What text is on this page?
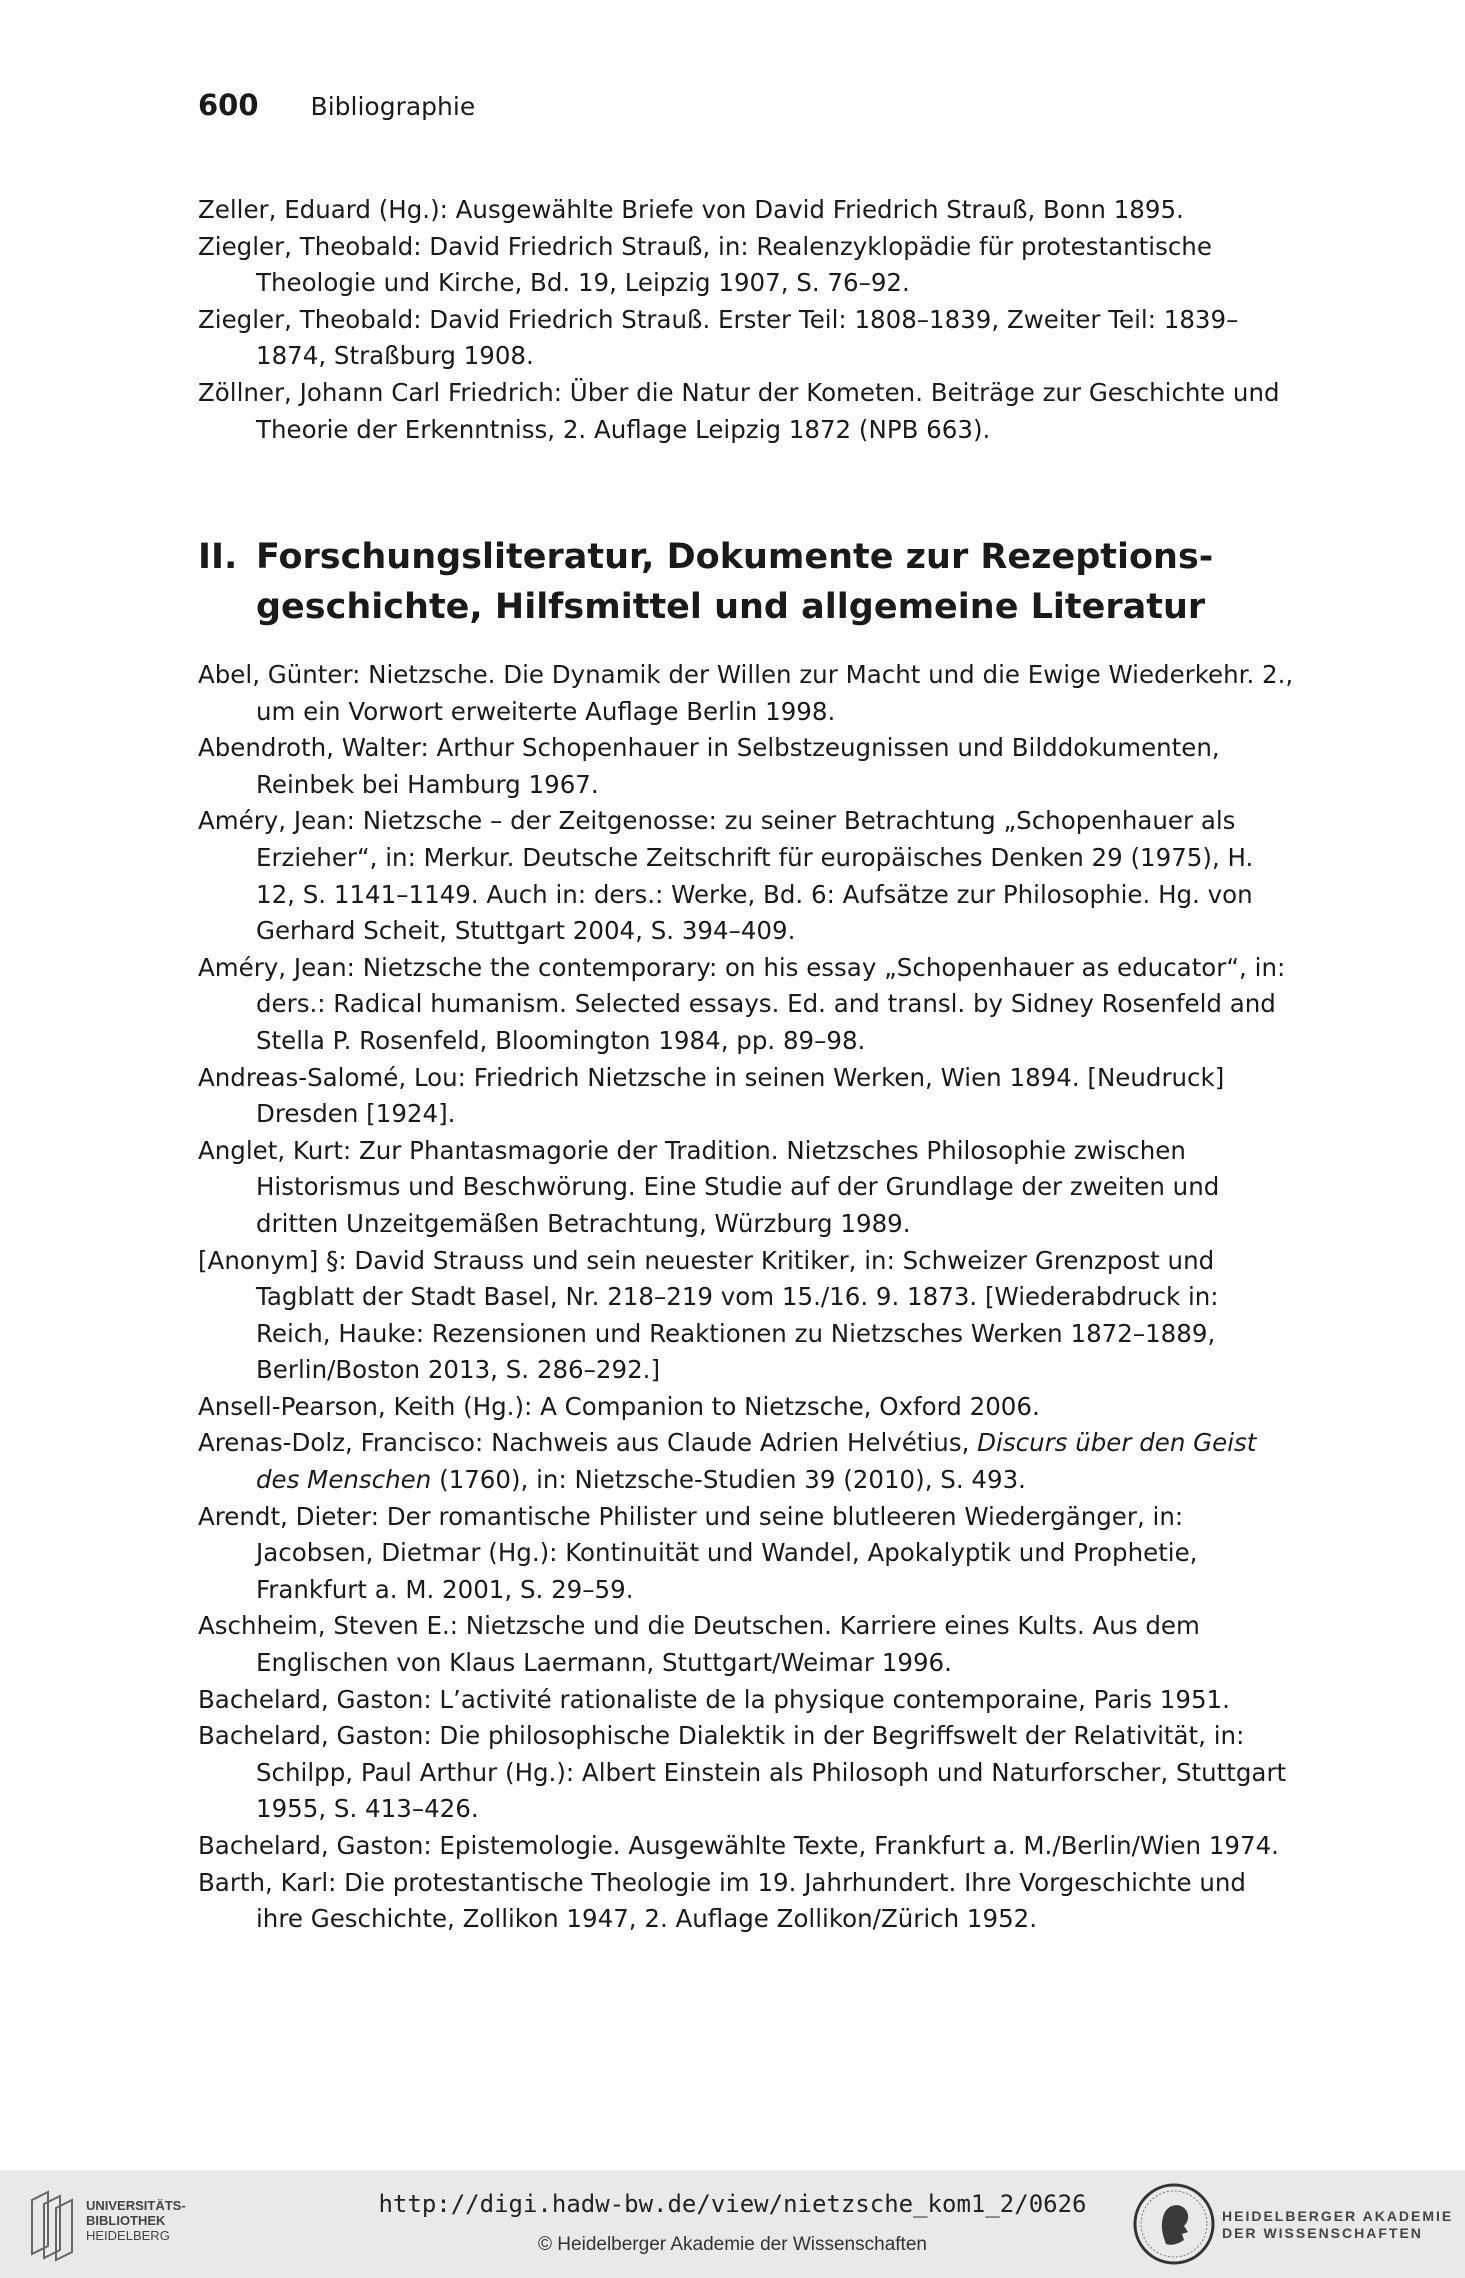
600 Bibliographie

Zeller, Eduard (Hg.): Ausgewählte Briefe von David Friedrich Strauß, Bonn 1895.

Ziegler, Theobald: David Friedrich Strauß, in: Realenzyklopädie für protestantische Theologie und Kirche, Bd. 19, Leipzig 1907, S. 76–92.

Ziegler, Theobald: David Friedrich Strauß. Erster Teil: 1808–1839, Zweiter Teil: 1839–1874, Straßburg 1908.

Zöllner, Johann Carl Friedrich: Über die Natur der Kometen. Beiträge zur Geschichte und Theorie der Erkenntniss, 2. Auflage Leipzig 1872 (NPB 663).

II. Forschungsliteratur, Dokumente zur Rezeptions-
geschichte, Hilfsmittel und allgemeine Literatur

Abel, Günter: Nietzsche. Die Dynamik der Willen zur Macht und die Ewige Wiederkehr. 2., um ein Vorwort erweiterte Auflage Berlin 1998.

Abendroth, Walter: Arthur Schopenhauer in Selbstzeugnissen und Bilddokumenten, Reinbek bei Hamburg 1967.

Améry, Jean: Nietzsche – der Zeitgenosse: zu seiner Betrachtung „Schopenhauer als Erzieher“, in: Merkur. Deutsche Zeitschrift für europäisches Denken 29 (1975), H. 12, S. 1141–1149. Auch in: ders.: Werke, Bd. 6: Aufsätze zur Philosophie. Hg. von Gerhard Scheit, Stuttgart 2004, S. 394–409.

Améry, Jean: Nietzsche the contemporary: on his essay „Schopenhauer as educator“, in: ders.: Radical humanism. Selected essays. Ed. and transl. by Sidney Rosenfeld and Stella P. Rosenfeld, Bloomington 1984, pp. 89–98.

Andreas-Salomé, Lou: Friedrich Nietzsche in seinen Werken, Wien 1894. [Neudruck] Dresden [1924].

Anglet, Kurt: Zur Phantasmagorie der Tradition. Nietzsches Philosophie zwischen Historismus und Beschwörung. Eine Studie auf der Grundlage der zweiten und dritten Unzeitgemäßen Betrachtung, Würzburg 1989.

[Anonym] §: David Strauss und sein neuester Kritiker, in: Schweizer Grenzpost und Tagblatt der Stadt Basel, Nr. 218–219 vom 15./16. 9. 1873. [Wiederabdruck in: Reich, Hauke: Rezensionen und Reaktionen zu Nietzsches Werken 1872–1889, Berlin/Boston 2013, S. 286–292.]

Ansell-Pearson, Keith (Hg.): A Companion to Nietzsche, Oxford 2006.

Arenas-Dolz, Francisco: Nachweis aus Claude Adrien Helvétius, Discurs über den Geist des Menschen (1760), in: Nietzsche-Studien 39 (2010), S. 493.

Arendt, Dieter: Der romantische Philister und seine blutleeren Wiedergänger, in: Jacobsen, Dietmar (Hg.): Kontinuität und Wandel, Apokalyptik und Prophetie, Frankfurt a. M. 2001, S. 29–59.

Aschheim, Steven E.: Nietzsche und die Deutschen. Karriere eines Kults. Aus dem Englischen von Klaus Laermann, Stuttgart/Weimar 1996.

Bachelard, Gaston: L’activité rationaliste de la physique contemporaine, Paris 1951.

Bachelard, Gaston: Die philosophische Dialektik in der Begriffswelt der Relativität, in: Schilpp, Paul Arthur (Hg.): Albert Einstein als Philosoph und Naturforscher, Stuttgart 1955, S. 413–426.

Bachelard, Gaston: Epistemologie. Ausgewählte Texte, Frankfurt a. M./Berlin/Wien 1974.

Barth, Karl: Die protestantische Theologie im 19. Jahrhundert. Ihre Vorgeschichte und ihre Geschichte, Zollikon 1947, 2. Auflage Zollikon/Zürich 1952.

UNIVERSITÄTS-
BIBLIOTHEK
HEIDELBERG
http://digi.hadw-bw.de/view/nietzsche_kom1_2/0626
© Heidelberger Akademie der Wissenschaften
HEIDELBERGER AKADEMIE
DER WISSENSCHAFTEN
